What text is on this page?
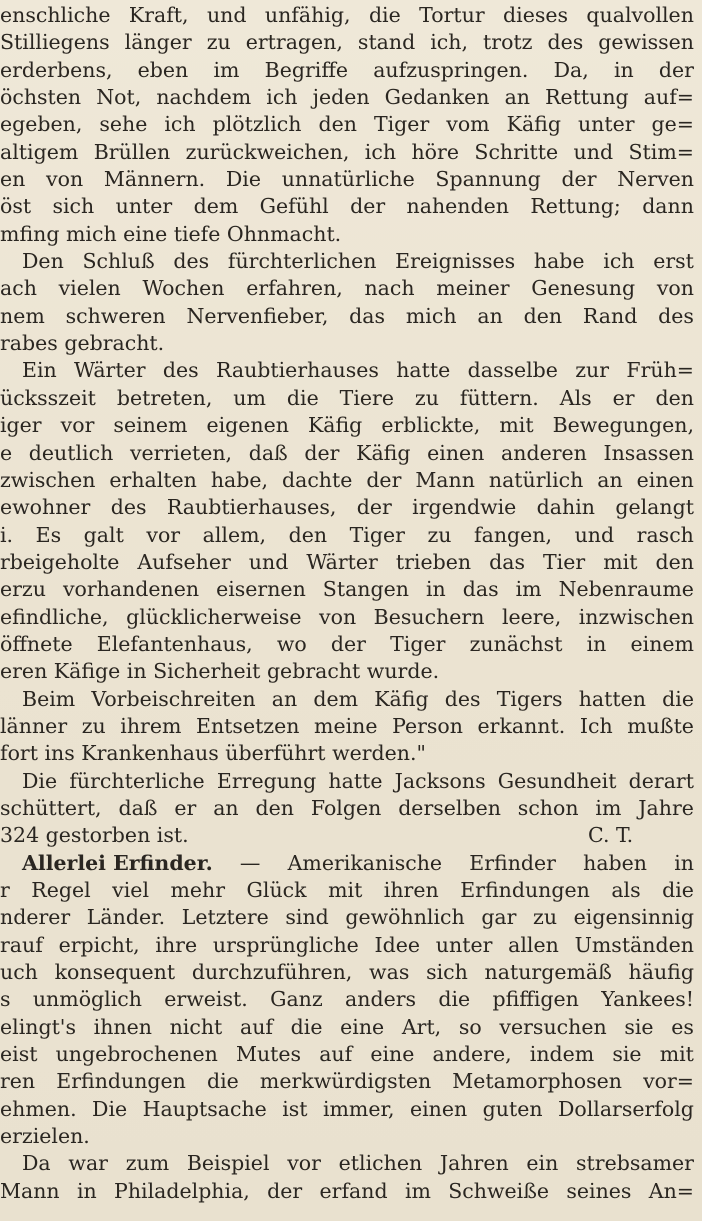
enschliche Kraft, und unfähig, die Tortur dieses qualvollen
Stilliegens länger zu ertragen, stand ich, trotz des gewissen
erderbens, eben im Begriffe aufzuspringen. Da, in der
öchsten Not, nachdem ich jeden Gedanken an Rettung auf=
egeben, sehe ich plötzlich den Tiger vom Käfig unter ge=
altigem Brüllen zurückweichen, ich höre Schritte und Stim=
en von Männern. Die unnatürliche Spannung der Nerven
öst sich unter dem Gefühl der nahenden Rettung; dann
mfing mich eine tiefe Ohnmacht.
Den Schluß des fürchterlichen Ereignisses habe ich erst
ach vielen Wochen erfahren, nach meiner Genesung von
nem schweren Nervenfieber, das mich an den Rand des
rabes gebracht.
Ein Wärter des Raubtierhauses hatte dasselbe zur Früh=
ücksszeit betreten, um die Tiere zu füttern. Als er den
iger vor seinem eigenen Käfig erblickte, mit Bewegungen,
e deutlich verrieten, daß der Käfig einen anderen Insassen
zwischen erhalten habe, dachte der Mann natürlich an einen
ewohner des Raubtierhauses, der irgendwie dahin gelangt
i. Es galt vor allem, den Tiger zu fangen, und rasch
rbeigeholte Aufseher und Wärter trieben das Tier mit den
erzu vorhandenen eisernen Stangen in das im Nebenraume
efindliche, glücklicherweise von Besuchern leere, inzwischen
öffnete Elefantenhaus, wo der Tiger zunächst in einem
eren Käfige in Sicherheit gebracht wurde.
Beim Vorbeischreiten an dem Käfig des Tigers hatten die
länner zu ihrem Entsetzen meine Person erkannt. Ich mußte
fort ins Krankenhaus überführt werden."
Die fürchterliche Erregung hatte Jacksons Gesundheit derart
schüttert, daß er an den Folgen derselben schon im Jahre
324 gestorben ist.	C. T.
Allerlei Erfinder. — Amerikanische Erfinder haben in
r Regel viel mehr Glück mit ihren Erfindungen als die
nderer Länder. Letztere sind gewöhnlich gar zu eigensinnig
rauf erpicht, ihre ursprüngliche Idee unter allen Umständen
uch konsequent durchzuführen, was sich naturgemäß häufig
s unmöglich erweist. Ganz anders die pfiffigen Yankees!
elingt's ihnen nicht auf die eine Art, so versuchen sie es
eist ungebrochenen Mutes auf eine andere, indem sie mit
ren Erfindungen die merkwürdigsten Metamorphosen vor=
ehmen. Die Hauptsache ist immer, einen guten Dollarserfolg
erzielen.
Da war zum Beispiel vor etlichen Jahren ein strebsamer
Mann in Philadelphia, der erfand im Schweiße seines An=
